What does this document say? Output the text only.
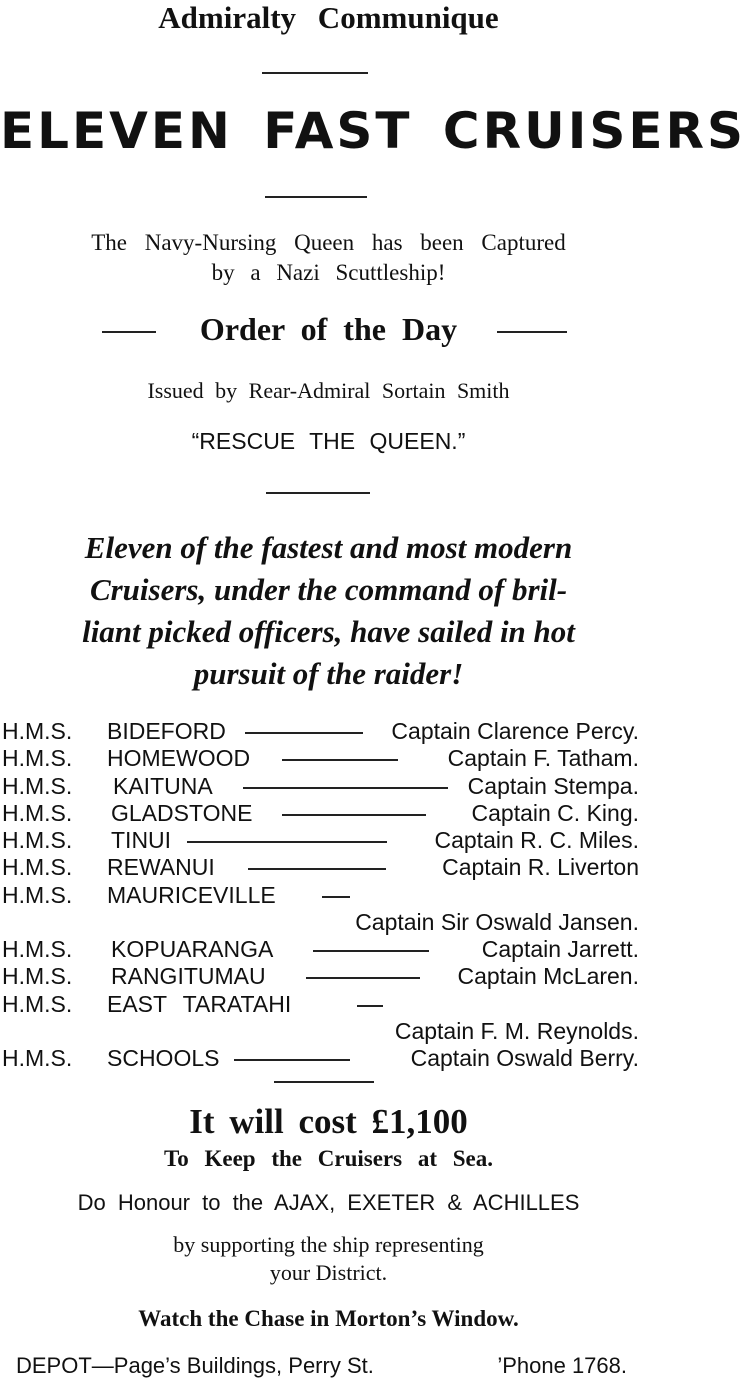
Admiralty Communique
ELEVEN FAST CRUISERS
The Navy-Nursing Queen has been Captured
by a Nazi Scuttleship!
Order of the Day
Issued by Rear-Admiral Sortain Smith
“RESCUE THE QUEEN.”
Eleven of the fastest and most modern
Cruisers, under the command of bril-
liant picked officers, have sailed in hot
pursuit of the raider!
H.M.S. BIDEFORD	Captain Clarence Percy.
H.M.S. HOMEWOOD	Captain F. Tatham.
H.M.S. KAITUNA	Captain Stempa.
H.M.S. GLADSTONE	Captain C. King.
H.M.S. TINUI	Captain R. C. Miles.
H.M.S. REWANUI	Captain R. Liverton
H.M.S. MAURICEVILLE
Captain Sir Oswald Jansen.
H.M.S. KOPUARANGA	Captain Jarrett.
H.M.S. RANGITUMAU	Captain McLaren.
H.M.S. EAST TARATAHI
Captain F. M. Reynolds.
H.M.S. SCHOOLS	Captain Oswald Berry.
It will cost £1,100
To Keep the Cruisers at Sea.
Do Honour to the AJAX, EXETER & ACHILLES
by supporting the ship representing
your District.
Watch the Chase in Morton’s Window.
DEPOT—Page’s Buildings, Perry St.	’Phone 1768.
